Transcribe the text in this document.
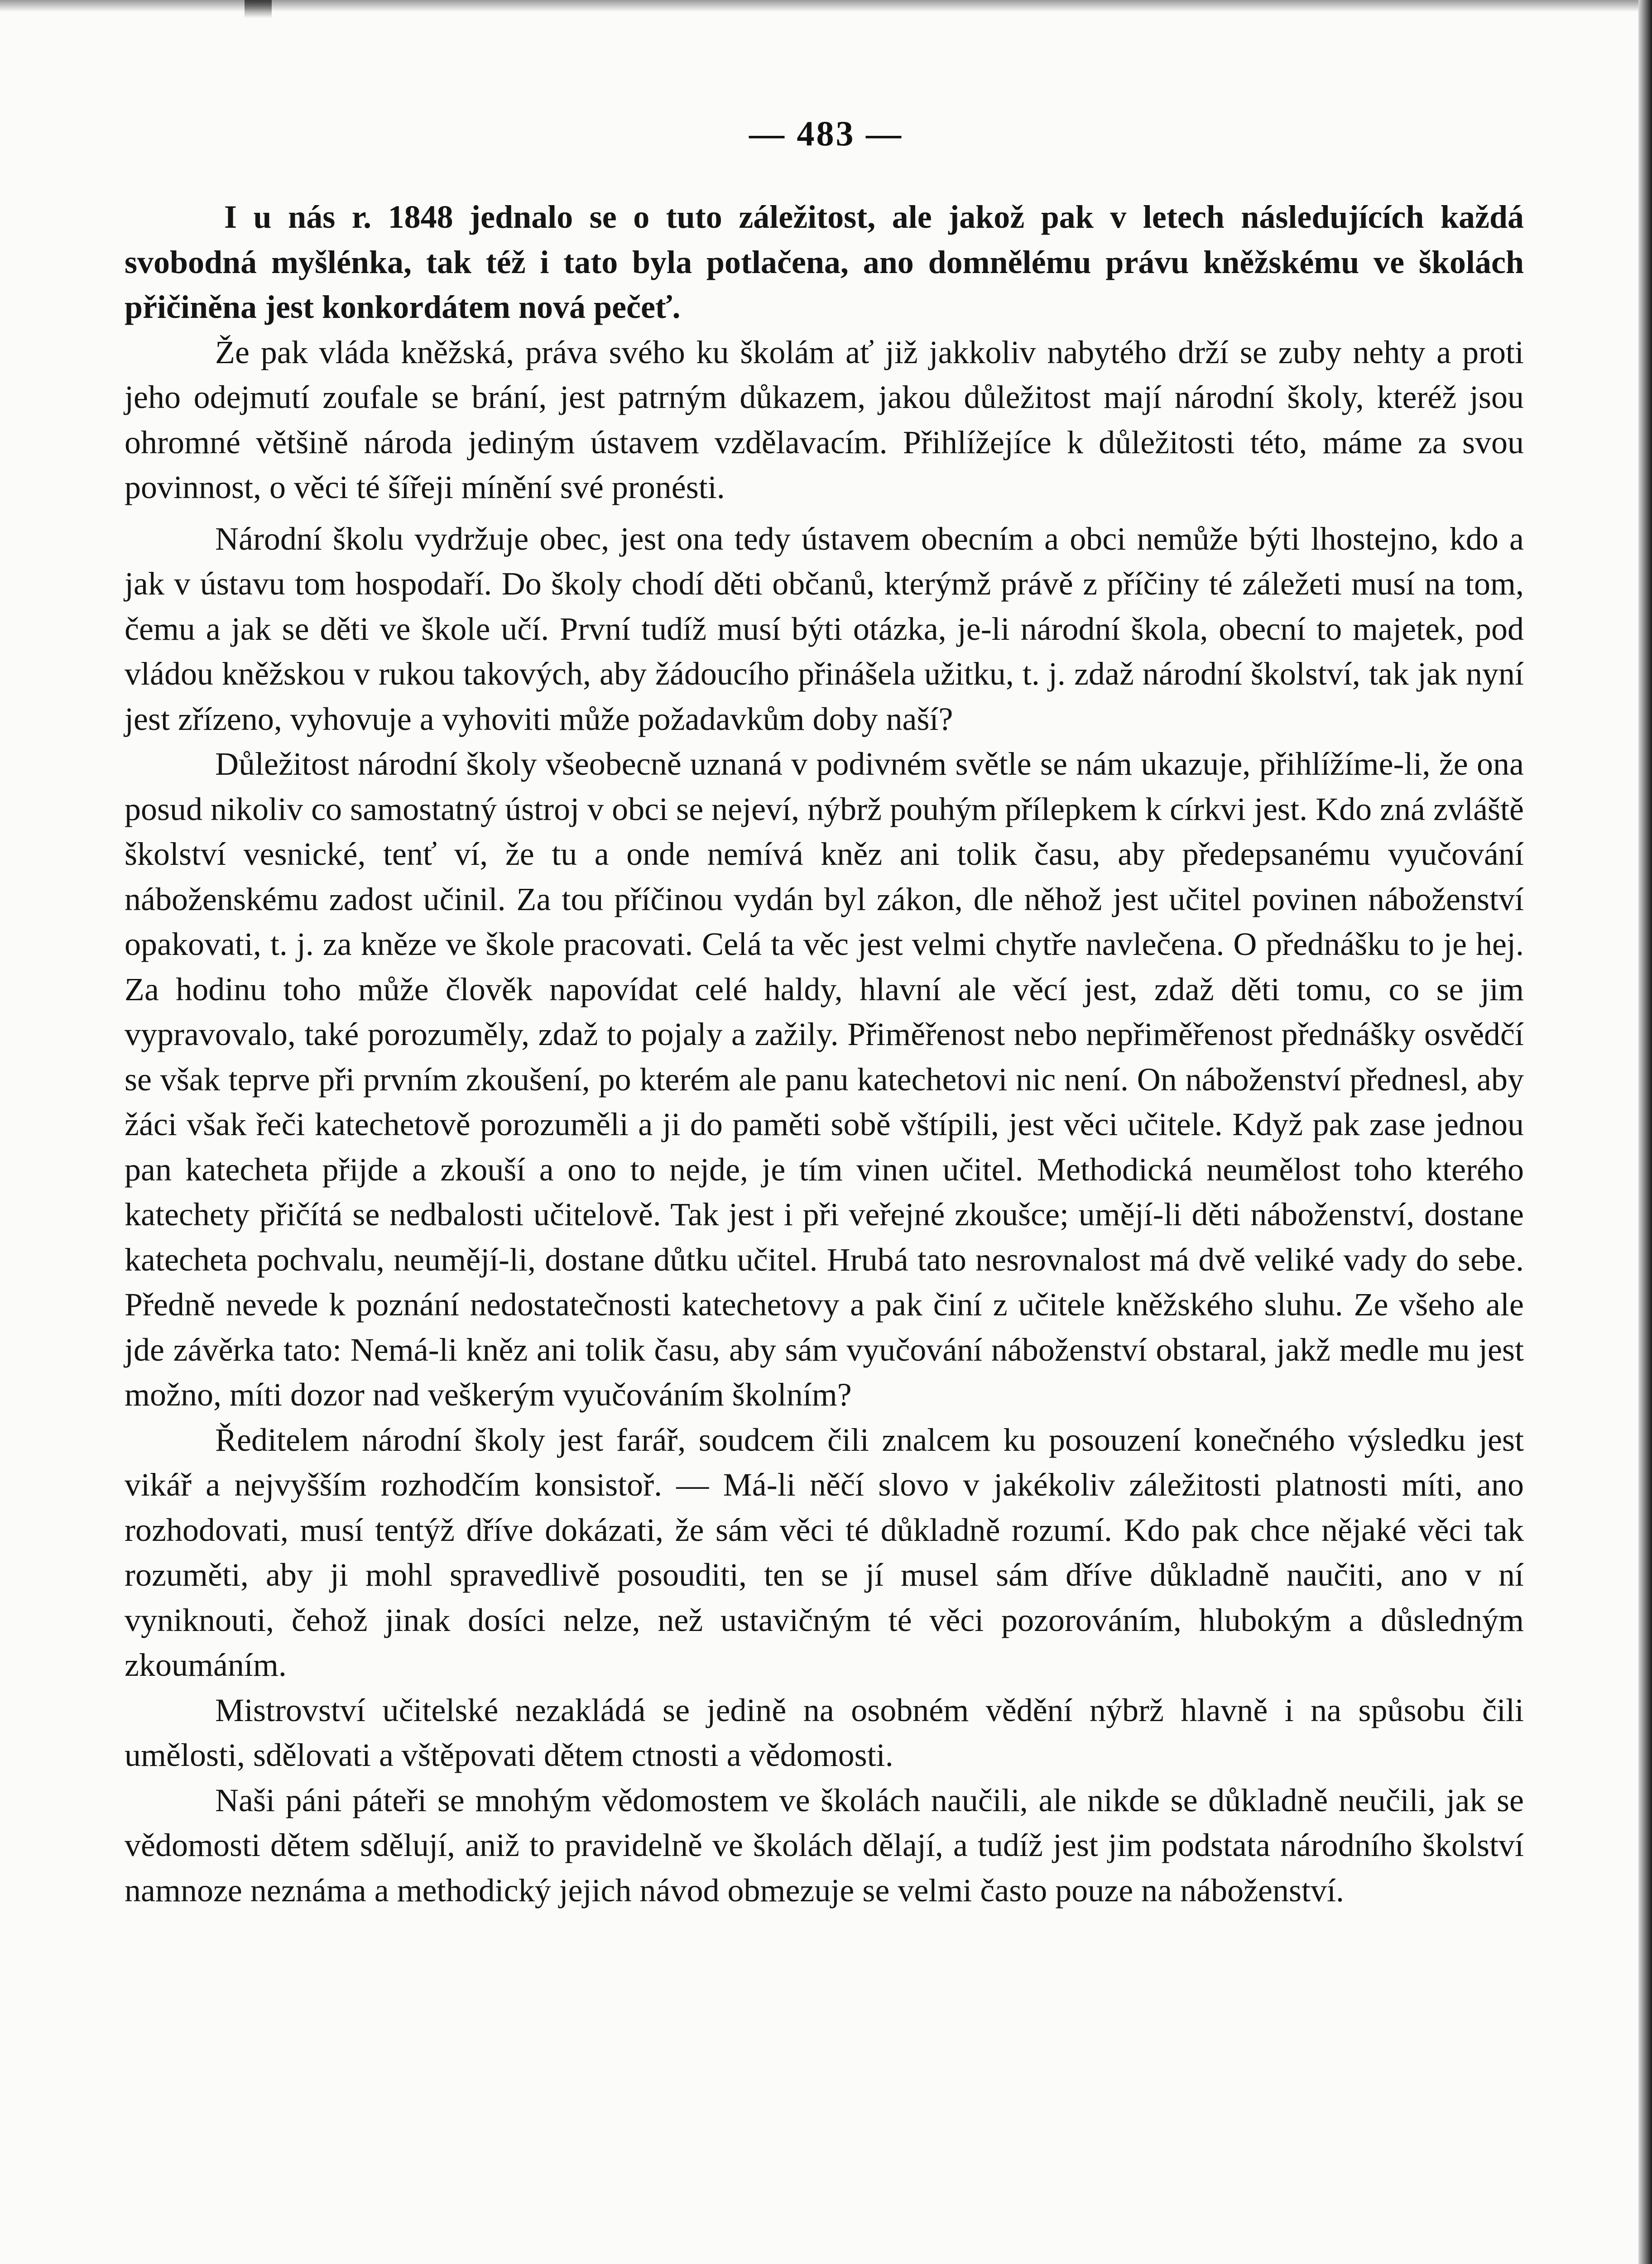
— 483 —

I u nás r. 1848 jednalo se o tuto záležitost, ale jakož pak v letech následujících každá svobodná myšlénka, tak též i tato byla potlačena, ano domnělému právu kněžskému ve školách přičiněna jest konkordátem nová pečeť.

Že pak vláda kněžská, práva svého ku školám ať již jakkoliv nabytého drží se zuby nehty a proti jeho odejmutí zoufale se brání, jest patrným důkazem, jakou důležitost mají národní školy, kteréž jsou ohromné většině národa jediným ústavem vzdělavacím. Přihlížejíce k důležitosti této, máme za svou povinnost, o věci té šířeji mínění své pronésti.

Národní školu vydržuje obec, jest ona tedy ústavem obecním a obci nemůže býti lhostejno, kdo a jak v ústavu tom hospodaří. Do školy chodí děti občanů, kterýmž právě z příčiny té záležeti musí na tom, čemu a jak se děti ve škole učí. První tudíž musí býti otázka, je-li národní škola, obecní to majetek, pod vládou kněžskou v rukou takových, aby žádoucího přinášela užitku, t. j. zdaž národní školství, tak jak nyní jest zřízeno, vyhovuje a vyhoviti může požadavkům doby naší?

Důležitost národní školy všeobecně uznaná v podivném světle se nám ukazuje, přihlížíme-li, že ona posud nikoliv co samostatný ústroj v obci se nejeví, nýbrž pouhým přílepkem k církvi jest. Kdo zná zvláště školství vesnické, tenť ví, že tu a onde nemívá kněz ani tolik času, aby předepsanému vyučování náboženskému zadost učinil. Za tou příčinou vydán byl zákon, dle něhož jest učitel povinen náboženství opakovati, t. j. za kněze ve škole pracovati. Celá ta věc jest velmi chytře navlečena. O přednášku to je hej. Za hodinu toho může člověk napovídat celé haldy, hlavní ale věcí jest, zdaž děti tomu, co se jim vypravovalo, také porozuměly, zdaž to pojaly a zažily. Přiměřenost nebo nepřiměřenost přednášky osvědčí se však teprve při prvním zkoušení, po kterém ale panu katechetovi nic není. On náboženství přednesl, aby žáci však řeči katechetově porozuměli a ji do paměti sobě vštípili, jest věci učitele. Když pak zase jednou pan katecheta přijde a zkouší a ono to nejde, je tím vinen učitel. Methodická neumělost toho kterého katechety přičítá se nedbalosti učitelově. Tak jest i při veřejné zkoušce; umějí-li děti náboženství, dostane katecheta pochvalu, neumějí-li, dostane důtku učitel. Hrubá tato nesrovnalost má dvě veliké vady do sebe. Předně nevede k poznání nedostatečnosti katechetovy a pak činí z učitele kněžského sluhu. Ze všeho ale jde závěrka tato: Nemá-li kněz ani tolik času, aby sám vyučování náboženství obstaral, jakž medle mu jest možno, míti dozor nad veškerým vyučováním školním?

Ředitelem národní školy jest farář, soudcem čili znalcem ku posouzení konečného výsledku jest vikář a nejvyšším rozhodčím konsistoř. — Má-li něčí slovo v jakékoliv záležitosti platnosti míti, ano rozhodovati, musí tentýž dříve dokázati, že sám věci té důkladně rozumí. Kdo pak chce nějaké věci tak rozuměti, aby ji mohl spravedlivě posouditi, ten se jí musel sám dříve důkladně naučiti, ano v ní vyniknouti, čehož jinak dosíci nelze, než ustavičným té věci pozorováním, hlubokým a důsledným zkoumáním.

Mistrovství učitelské nezakládá se jedině na osobném vědění nýbrž hlavně i na spůsobu čili umělosti, sdělovati a vštěpovati dětem ctnosti a vědomosti.

Naši páni páteři se mnohým vědomostem ve školách naučili, ale nikde se důkladně neučili, jak se vědomosti dětem sdělují, aniž to pravidelně ve školách dělají, a tudíž jest jim podstata národního školství namnoze neznáma a methodický jejich návod obmezuje se velmi často pouze na náboženství.
